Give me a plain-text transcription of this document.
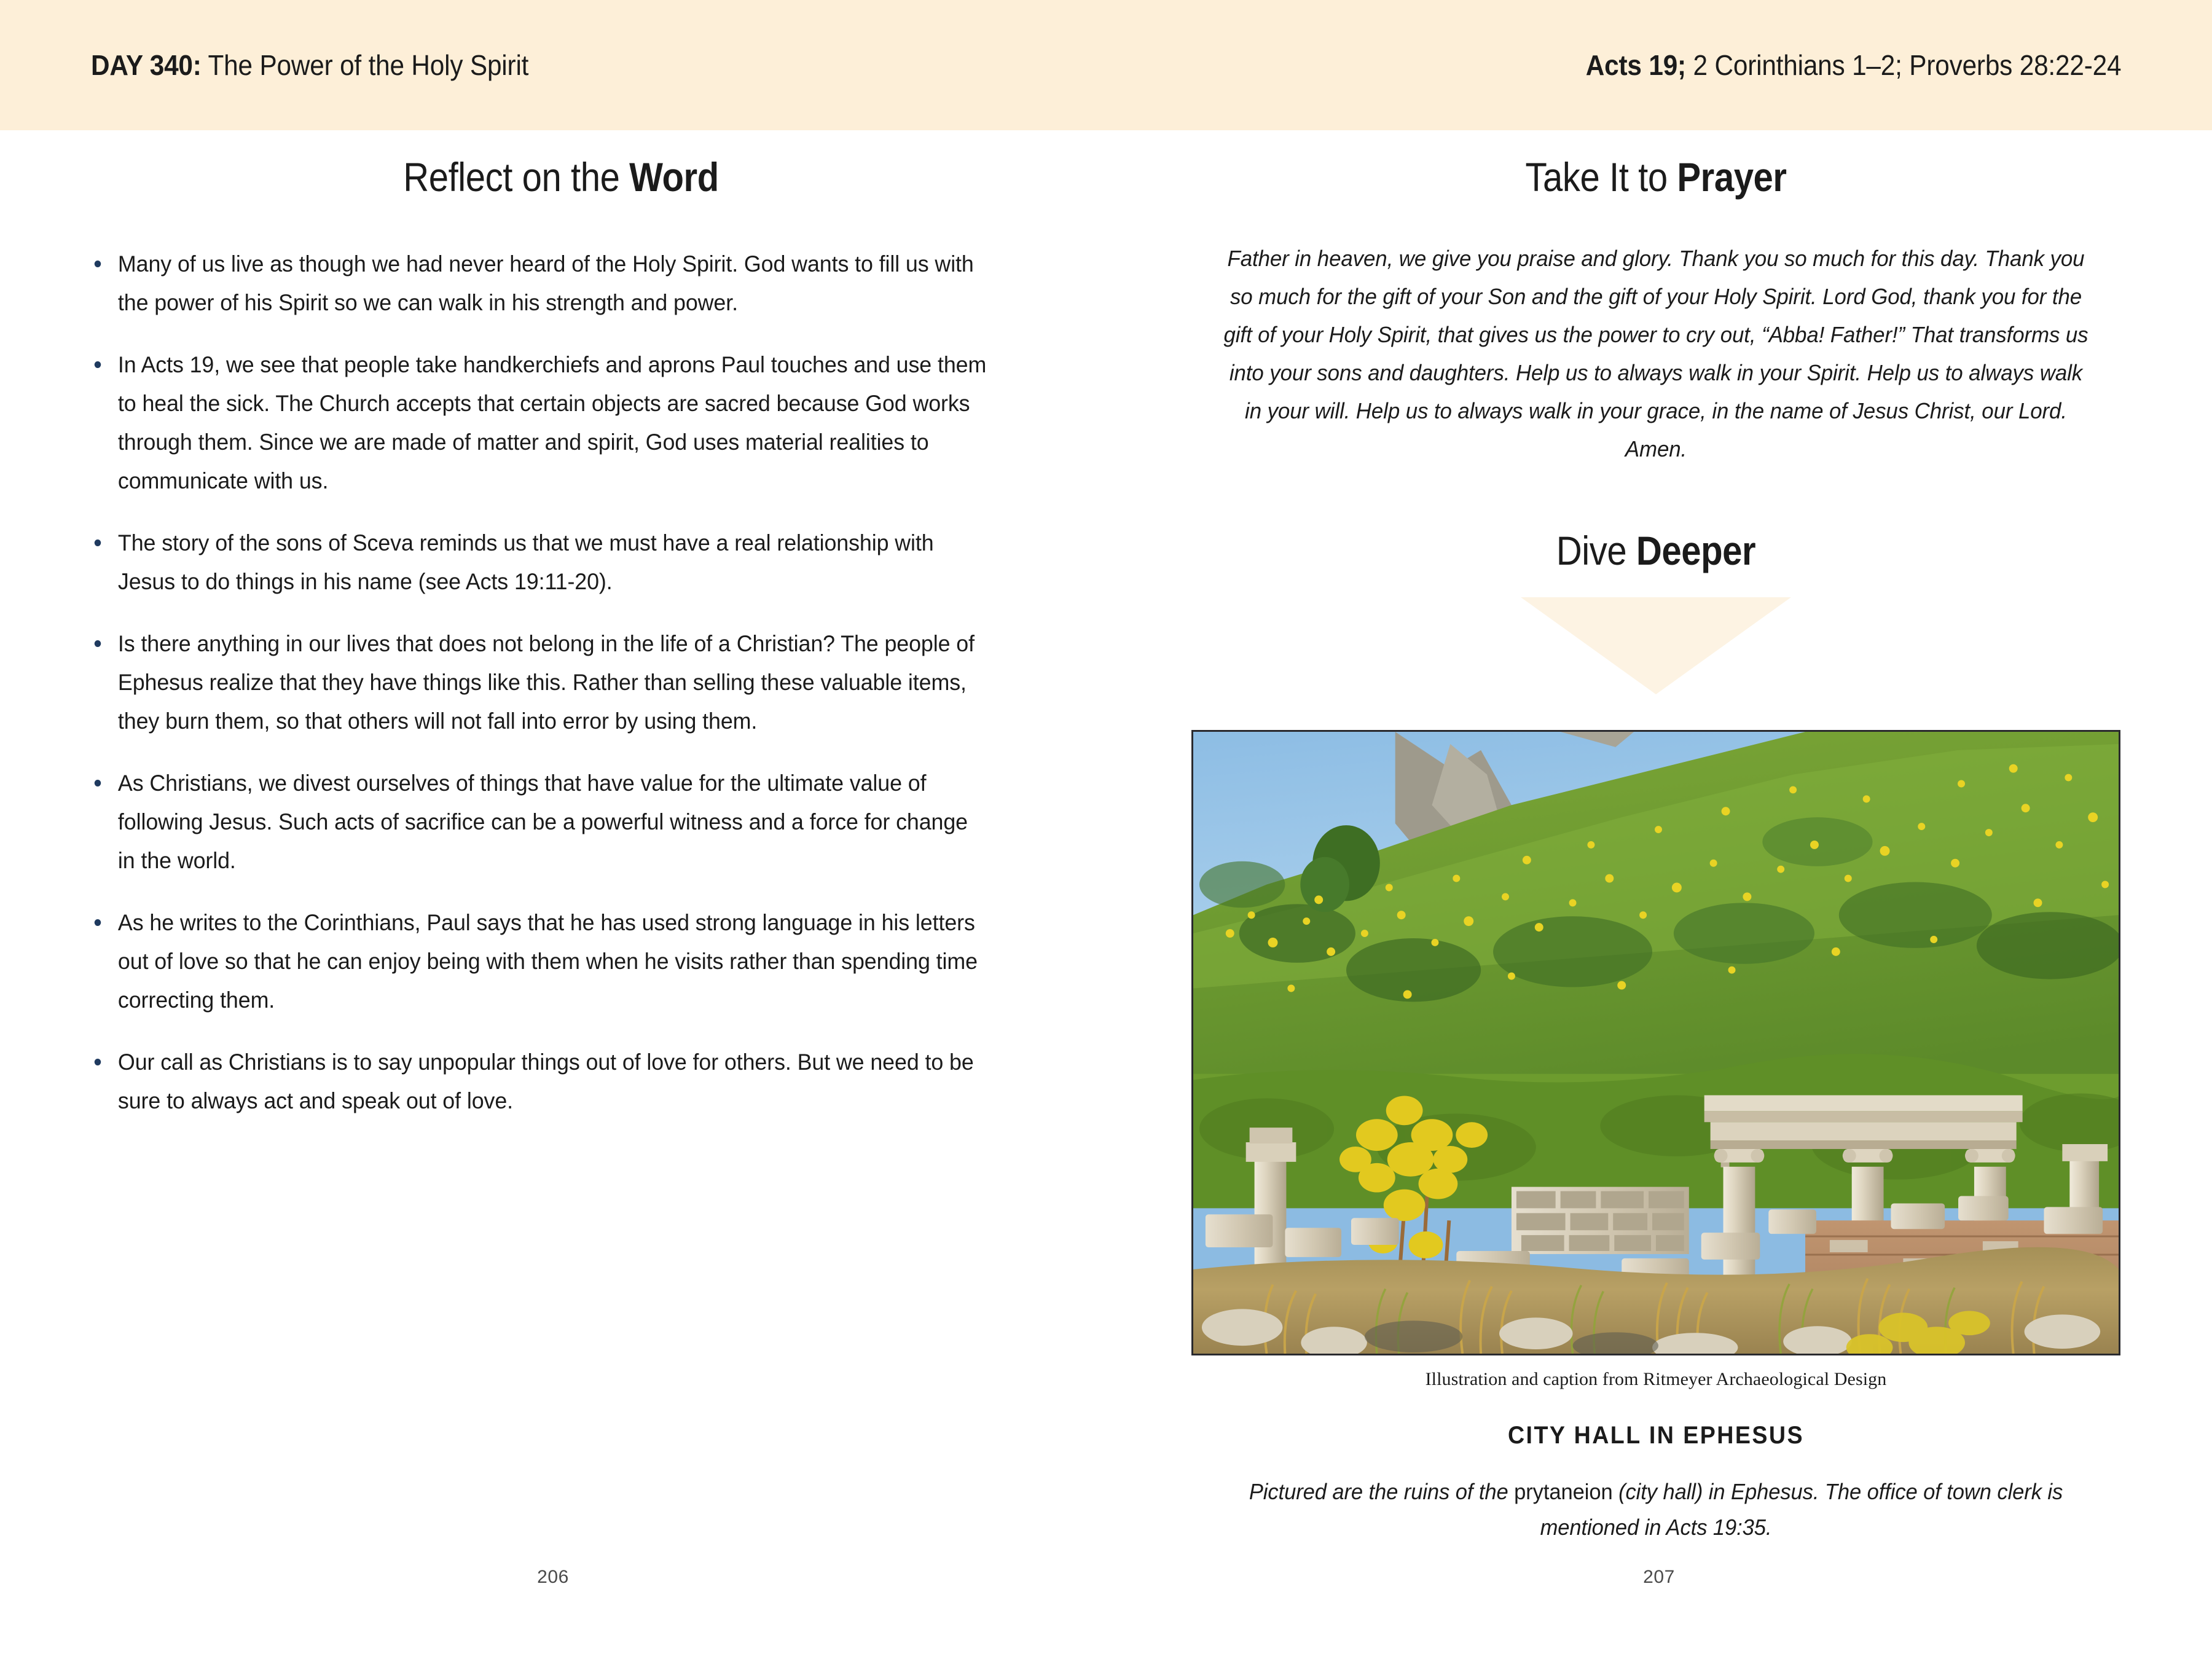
DAY 340: The Power of the Holy Spirit	Acts 19; 2 Corinthians 1–2; Proverbs 28:22-24
Reflect on the Word
Many of us live as though we had never heard of the Holy Spirit. God wants to fill us with the power of his Spirit so we can walk in his strength and power.
In Acts 19, we see that people take handkerchiefs and aprons Paul touches and use them to heal the sick. The Church accepts that certain objects are sacred because God works through them. Since we are made of matter and spirit, God uses material realities to communicate with us.
The story of the sons of Sceva reminds us that we must have a real relationship with Jesus to do things in his name (see Acts 19:11-20).
Is there anything in our lives that does not belong in the life of a Christian? The people of Ephesus realize that they have things like this. Rather than selling these valuable items, they burn them, so that others will not fall into error by using them.
As Christians, we divest ourselves of things that have value for the ultimate value of following Jesus. Such acts of sacrifice can be a powerful witness and a force for change in the world.
As he writes to the Corinthians, Paul says that he has used strong language in his letters out of love so that he can enjoy being with them when he visits rather than spending time correcting them.
Our call as Christians is to say unpopular things out of love for others. But we need to be sure to always act and speak out of love.
Take It to Prayer
Father in heaven, we give you praise and glory. Thank you so much for this day. Thank you so much for the gift of your Son and the gift of your Holy Spirit. Lord God, thank you for the gift of your Holy Spirit, that gives us the power to cry out, “Abba! Father!” That transforms us into your sons and daughters. Help us to always walk in your Spirit. Help us to always walk in your will. Help us to always walk in your grace, in the name of Jesus Christ, our Lord. Amen.
Dive Deeper
Illustration and caption from Ritmeyer Archaeological Design
CITY HALL IN EPHESUS
Pictured are the ruins of the prytaneion (city hall) in Ephesus. The office of town clerk is mentioned in Acts 19:35.
206	207
